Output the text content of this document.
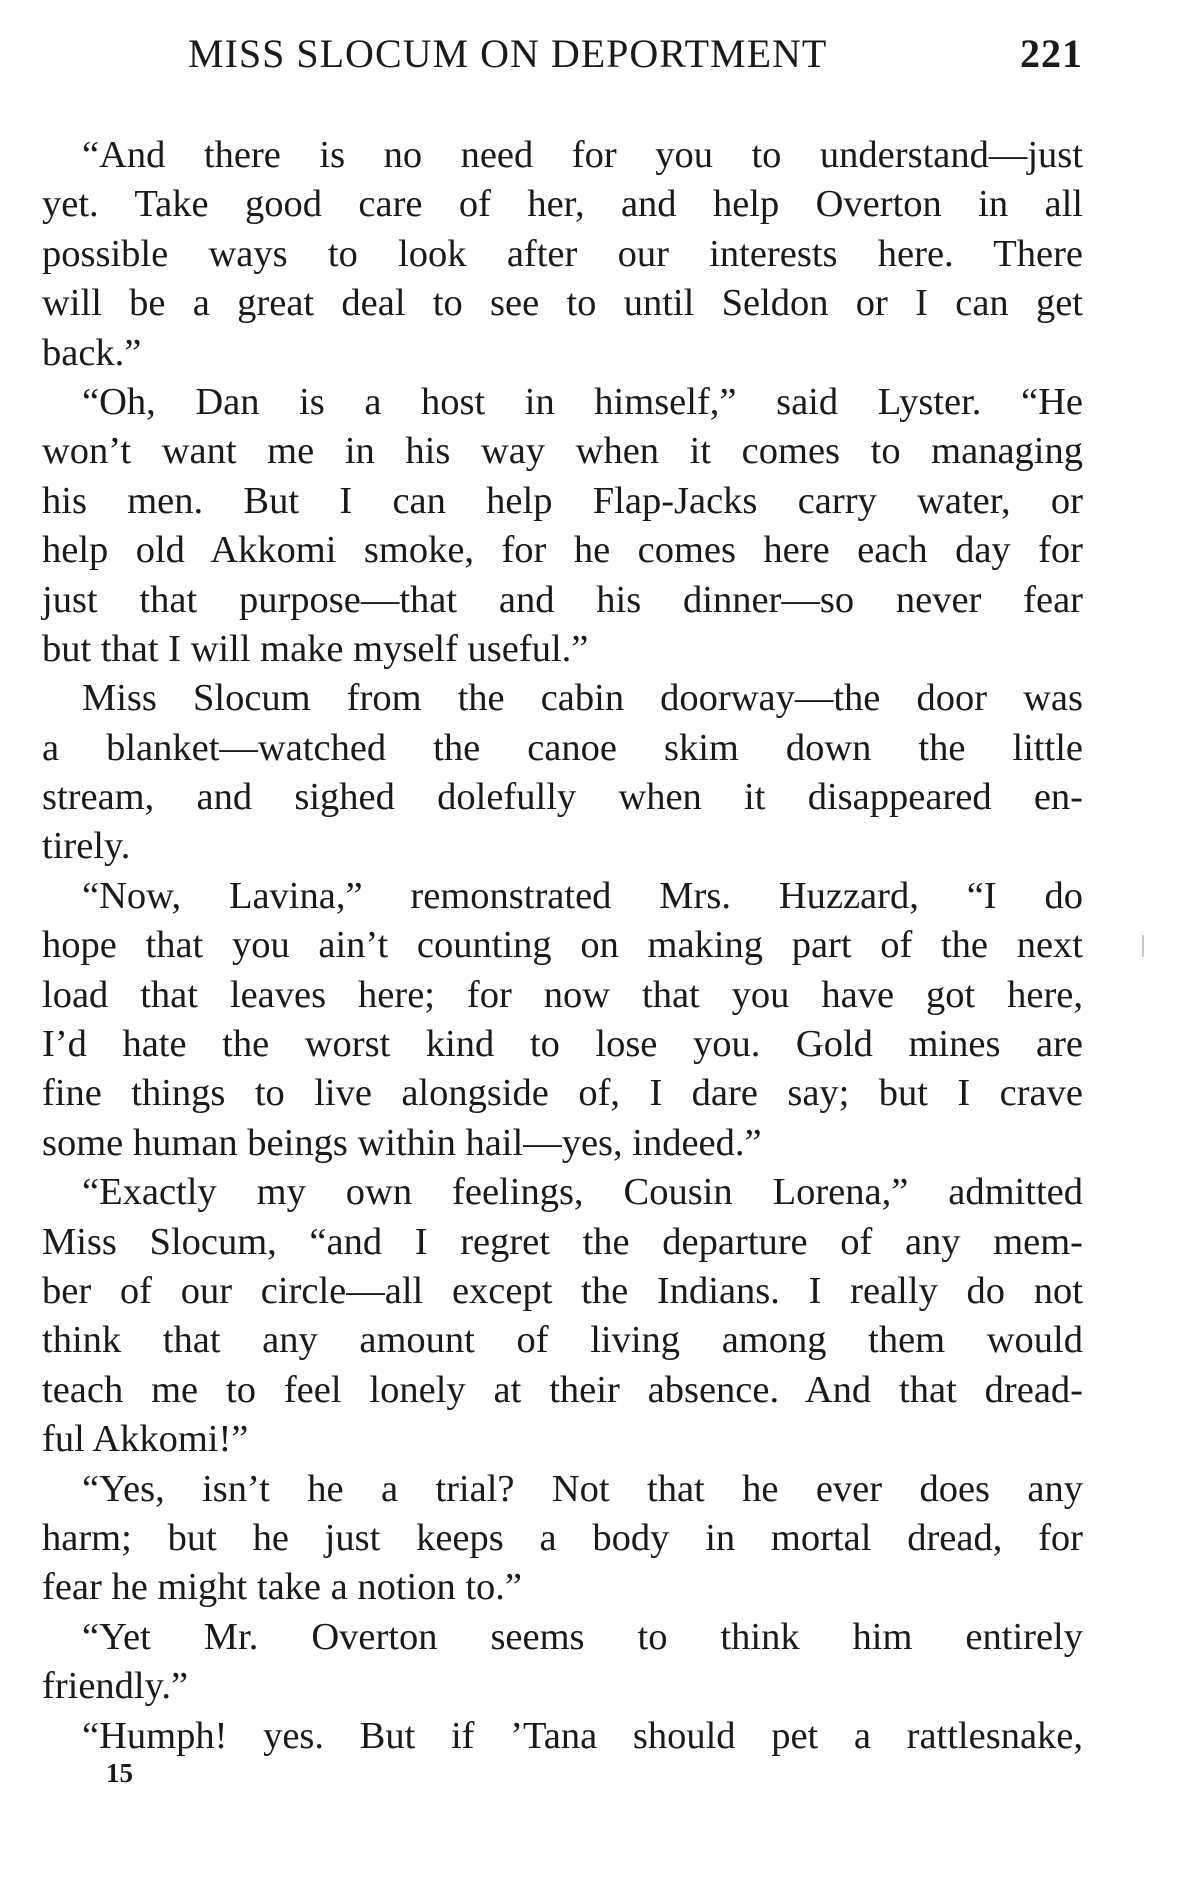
MISS SLOCUM ON DEPORTMENT	221
“And there is no need for you to understand—just
yet. Take good care of her, and help Overton in all
possible ways to look after our interests here. There
will be a great deal to see to until Seldon or I can get
back.”
“Oh, Dan is a host in himself,” said Lyster. “He
won’t want me in his way when it comes to managing
his men. But I can help Flap-Jacks carry water, or
help old Akkomi smoke, for he comes here each day for
just that purpose—that and his dinner—so never fear
but that I will make myself useful.”
Miss Slocum from the cabin doorway—the door was
a blanket—watched the canoe skim down the little
stream, and sighed dolefully when it disappeared en-
tirely.
“Now, Lavina,” remonstrated Mrs. Huzzard, “I do
hope that you ain’t counting on making part of the next
load that leaves here; for now that you have got here,
I’d hate the worst kind to lose you. Gold mines are
fine things to live alongside of, I dare say; but I crave
some human beings within hail—yes, indeed.”
“Exactly my own feelings, Cousin Lorena,” admitted
Miss Slocum, “and I regret the departure of any mem-
ber of our circle—all except the Indians. I really do not
think that any amount of living among them would
teach me to feel lonely at their absence. And that dread-
ful Akkomi!”
“Yes, isn’t he a trial? Not that he ever does any
harm; but he just keeps a body in mortal dread, for
fear he might take a notion to.”
“Yet Mr. Overton seems to think him entirely
friendly.”
“Humph! yes. But if ’Tana should pet a rattlesnake,
15
